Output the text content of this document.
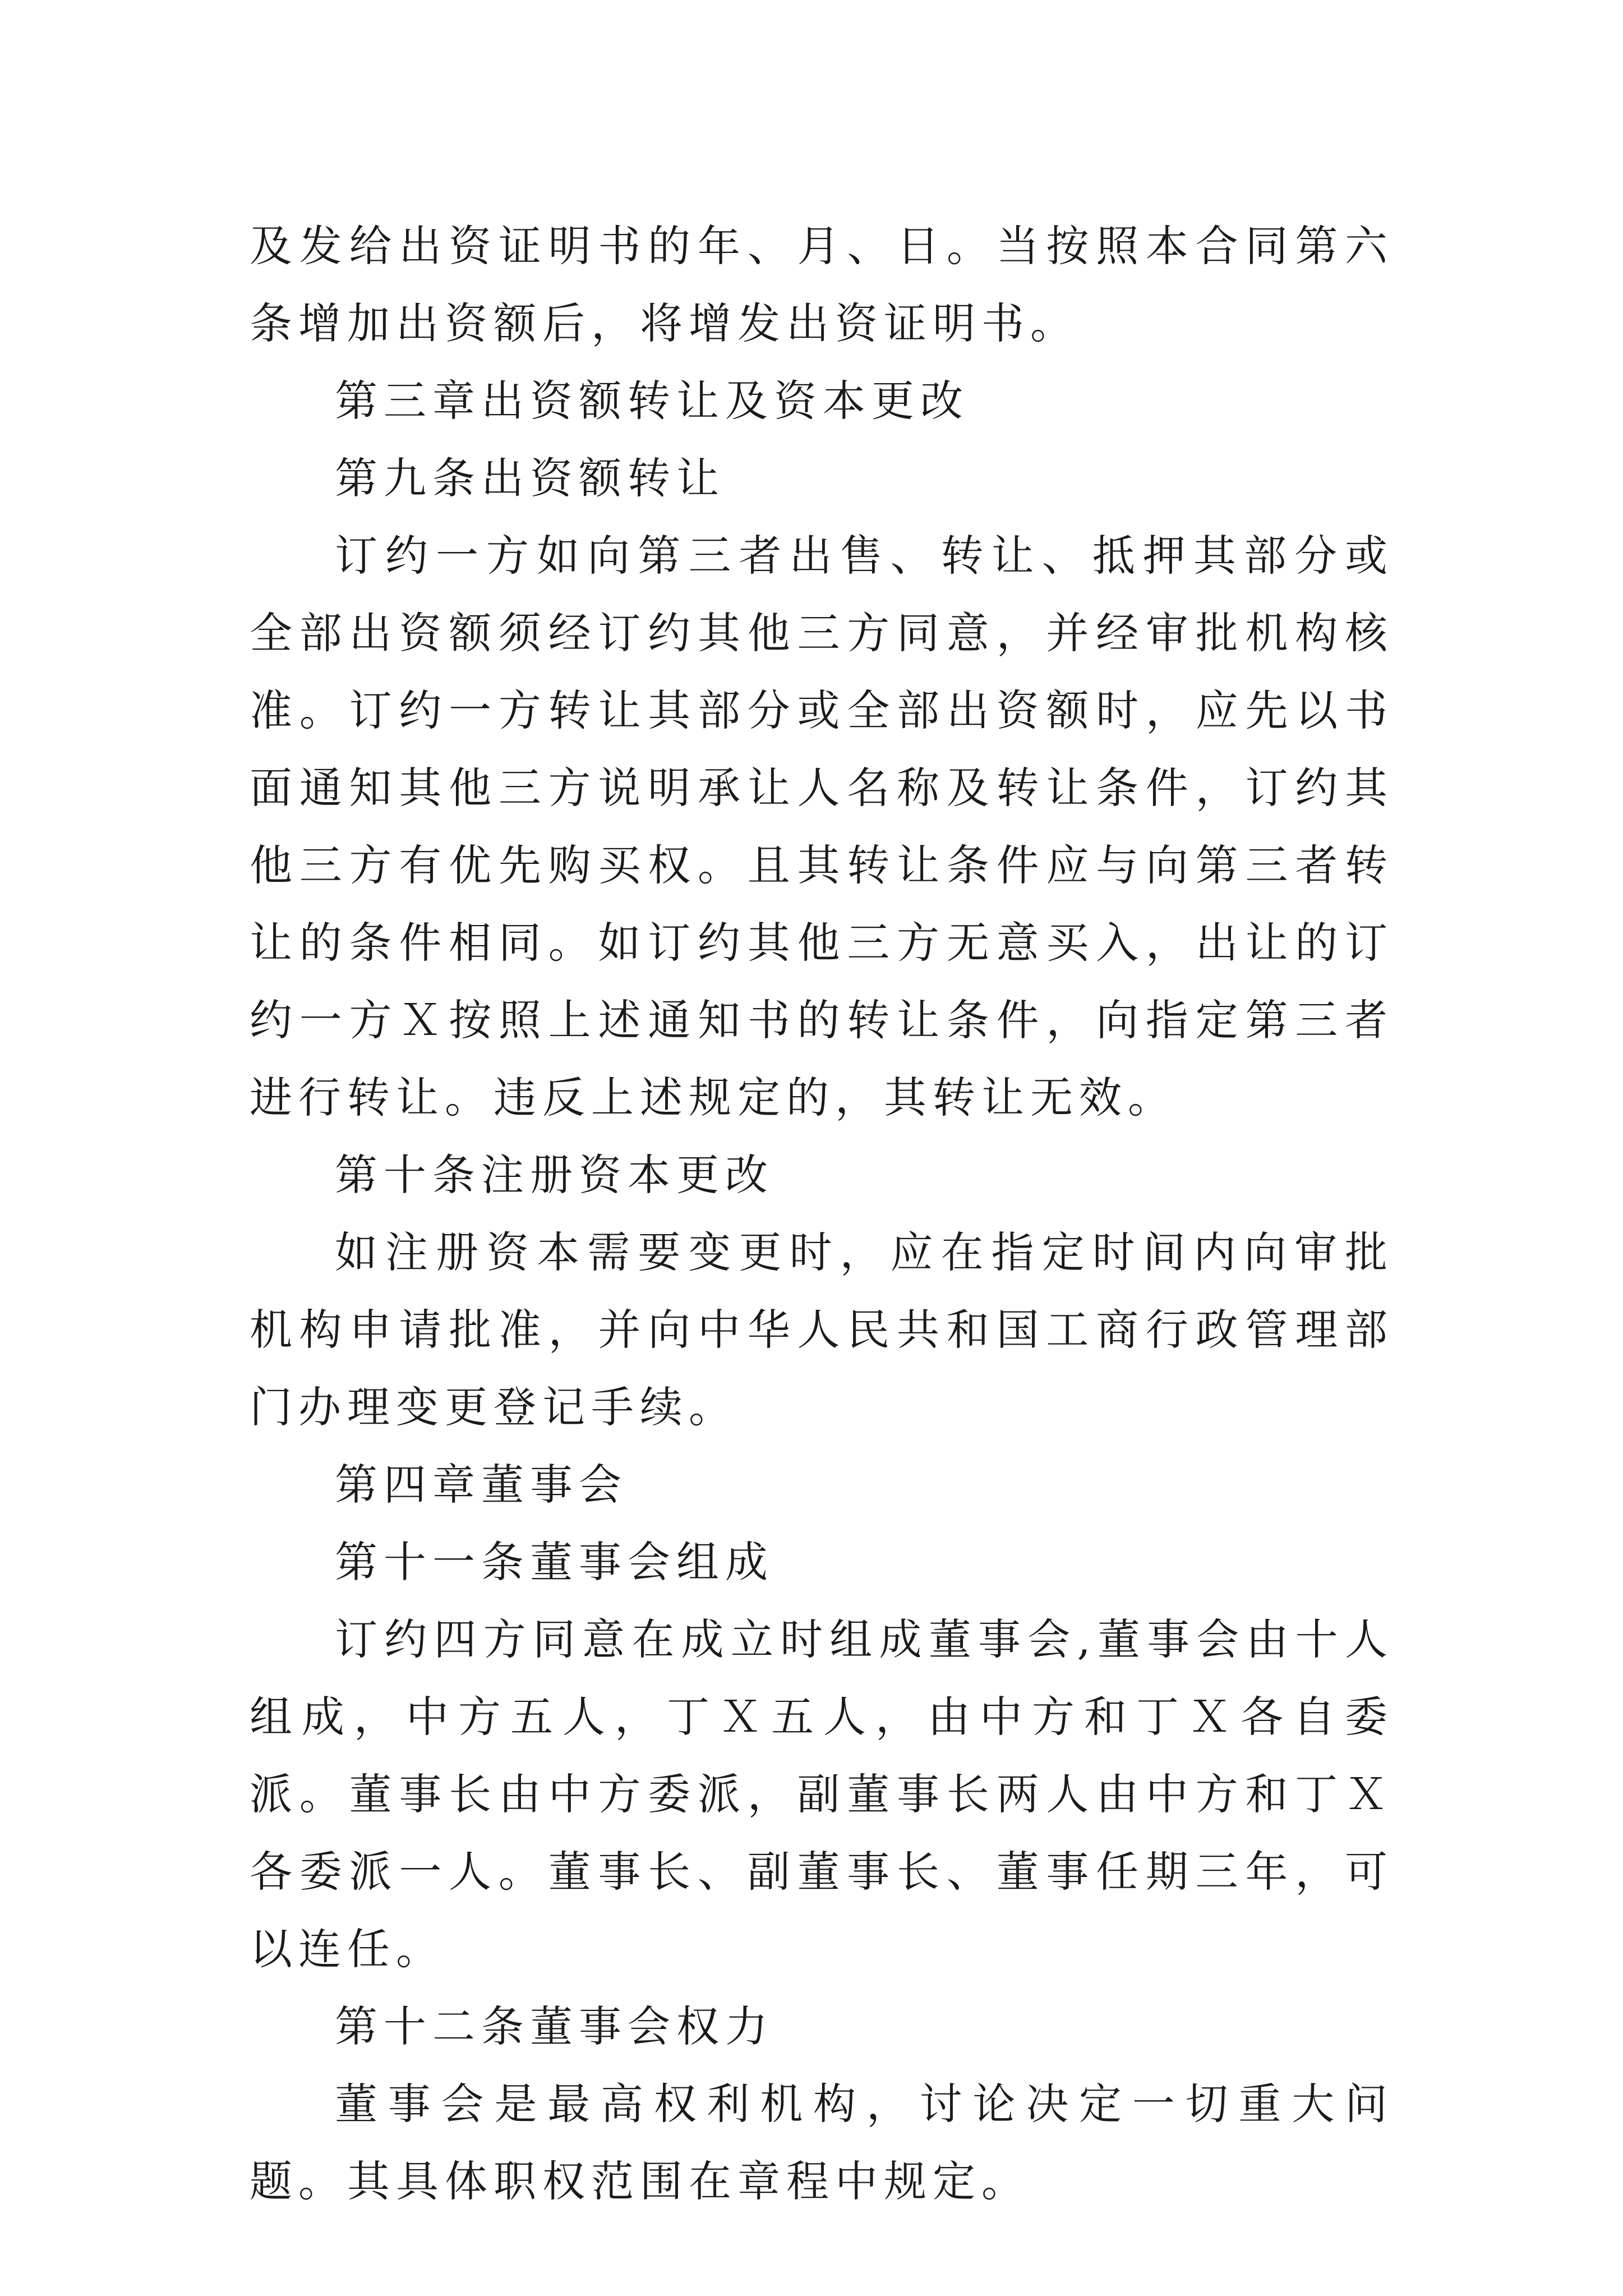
及发给出资证明书的年、月、日。当按照本合同第六条增加出资额后，将增发出资证明书。

第三章出资额转让及资本更改

第九条出资额转让

订约一方如向第三者出售、转让、抵押其部分或全部出资额须经订约其他三方同意，并经审批机构核准。订约一方转让其部分或全部出资额时，应先以书面通知其他三方说明承让人名称及转让条件，订约其他三方有优先购买权。且其转让条件应与向第三者转让的条件相同。如订约其他三方无意买入，出让的订约一方Ｘ按照上述通知书的转让条件，向指定第三者进行转让。违反上述规定的，其转让无效。

第十条注册资本更改

如注册资本需要变更时，应在指定时间内向审批机构申请批准，并向中华人民共和国工商行政管理部门办理变更登记手续。

第四章董事会

第十一条董事会组成

订约四方同意在成立时组成董事会,董事会由十人组成，中方五人，丁Ｘ五人，由中方和丁Ｘ各自委派。董事长由中方委派，副董事长两人由中方和丁Ｘ各委派一人。董事长、副董事长、董事任期三年，可以连任。

第十二条董事会权力

董事会是最高权利机构，讨论决定一切重大问题。其具体职权范围在章程中规定。
